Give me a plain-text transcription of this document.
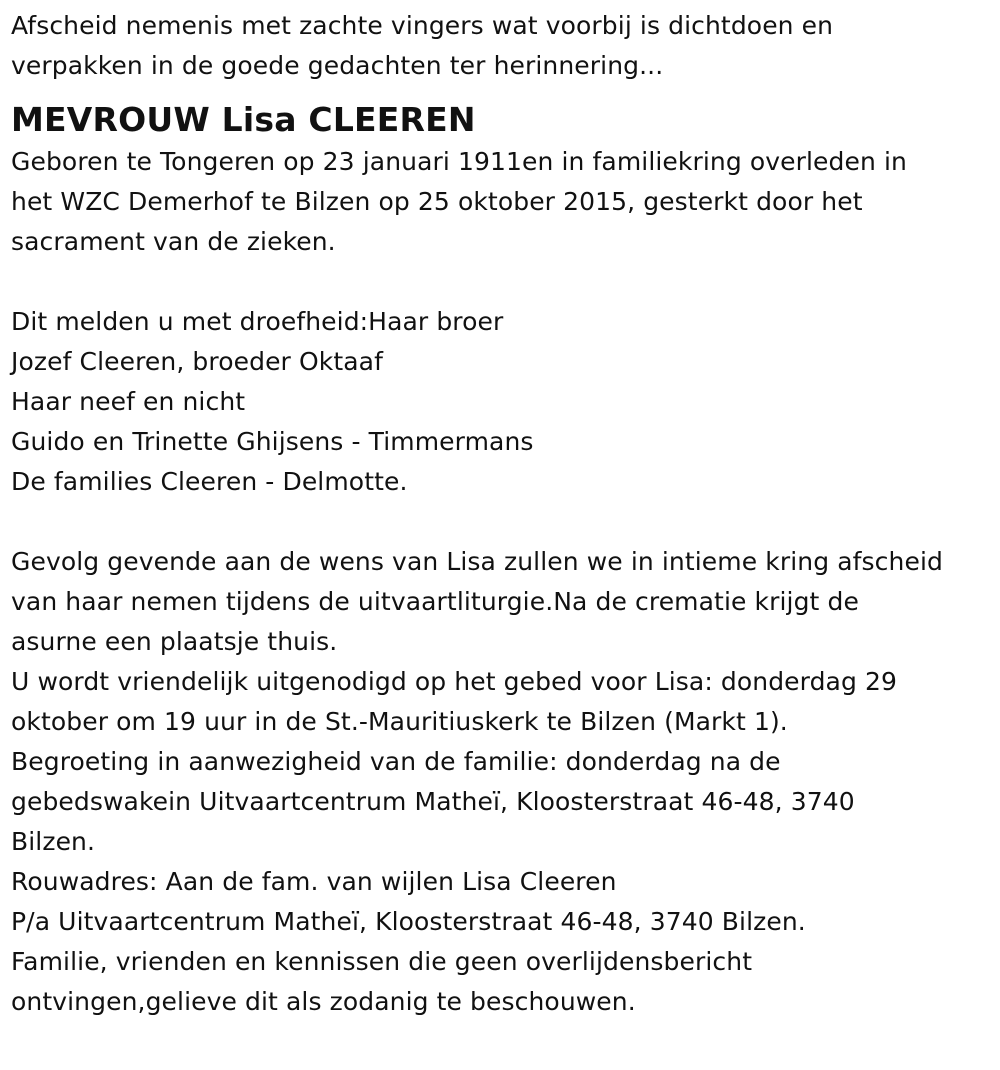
Afscheid nemenis met zachte vingers wat voorbij is dichtdoen en

verpakken in de goede gedachten ter herinnering...

MEVROUW Lisa CLEEREN

Geboren te Tongeren op 23 januari 1911en in familiekring overleden in

het WZC Demerhof te Bilzen op 25 oktober 2015, gesterkt door het

sacrament van de zieken.

Dit melden u met droefheid:Haar broer

Jozef Cleeren, broeder Oktaaf

Haar neef en nicht

Guido en Trinette Ghijsens - Timmermans

De families Cleeren - Delmotte.

Gevolg gevende aan de wens van Lisa zullen we in intieme kring afscheid

van haar nemen tijdens de uitvaartliturgie.Na de crematie krijgt de

asurne een plaatsje thuis.

U wordt vriendelijk uitgenodigd op het gebed voor Lisa: donderdag 29

oktober om 19 uur in de St.-Mauritiuskerk te Bilzen (Markt 1).

Begroeting in aanwezigheid van de familie: donderdag na de

gebedswakein Uitvaartcentrum Matheï, Kloosterstraat 46-48, 3740

Bilzen.

Rouwadres: Aan de fam. van wijlen Lisa Cleeren

P/a Uitvaartcentrum Matheï, Kloosterstraat 46-48, 3740 Bilzen.

Familie, vrienden en kennissen die geen overlijdensbericht

ontvingen,gelieve dit als zodanig te beschouwen.
